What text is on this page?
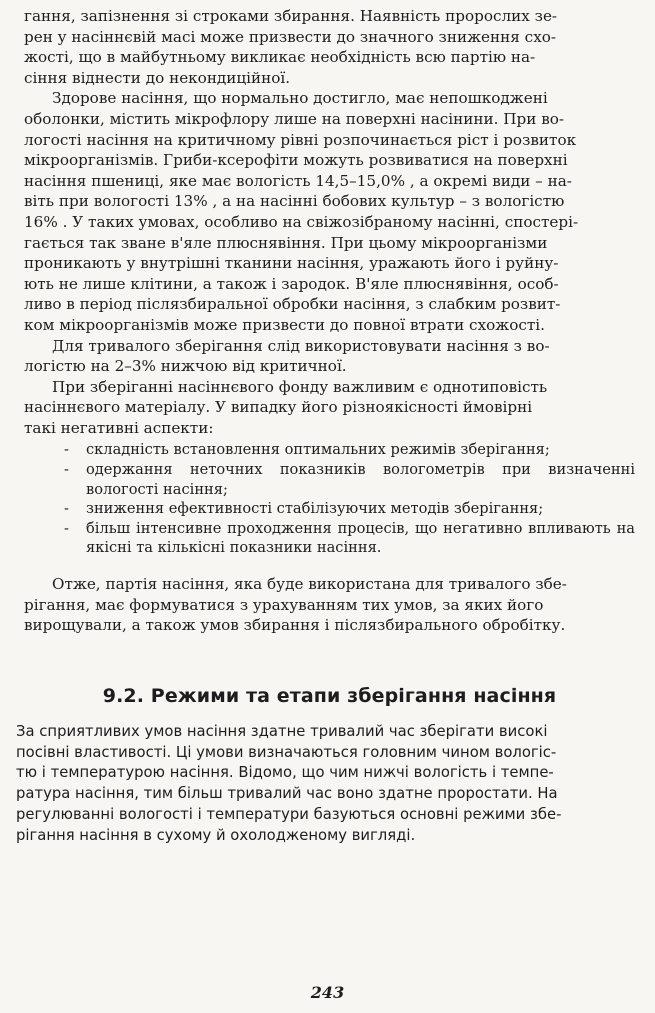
гання, запізнення зі строками збирання. Наявність проросли​х зе-
рен у насіннєвій масі може призвести до значного зниження схо-
жості, що в майбутньому викликає необхідність всю партію на-
сіння віднести до некондиційної.

Здорове насіння, що нормально достигло, має непошкоджені
оболонки, містить мікрофлору лише на поверхні насінини. При во-
логості насіння на критичному рівні розпочинається ріст і розвиток
мікроорганізмів. Гриби-ксерофіти можуть розвиватися на поверхні
насіння пшениці, яке має вологість 14,5–15,0% , а окремі види – на-
віть при вологості 13% , а на насінні бобових культур – з вологістю
16% . У таких умовах, особливо на свіжозібраному насінні, спостері-
гається так зване в'яле плюснявіння. При цьому мікроорганізми
проникають у внутрішні тканини насіння, уражають його і руйну-
ють не лише клітини, а також і зародок. В'яле плюснявіння, особ-
ливо в період післязбиральної обробки насіння, з слабким розвит-
ком мікроорганізмів може призвести до повної втрати схожості.

Для тривалого зберігання слід використовувати насіння з во-
логістю на 2–3% нижчою від критичної.

При зберіганні насіннєвого фонду важливим є однотиповість
насіннєвого матеріалу. У випадку його різноякісності ймовірні
такі негативні аспекти:

- складність встановлення оптимальних режимів зберігання;
- одержання неточних показників вологометрів при визначенні вологості насіння;
- зниження ефективності стабілізуючих методів зберігання;
- більш інтенсивне проходження процесів, що негативно впливають на якісні та кількісні показники насіння.

Отже, партія насіння, яка буде використана для тривалого збе-
рігання, має формуватися з урахуванням тих умов, за яких його
вирощували, а також умов збирання і післязбирального обробітку.

9.2. Режими та етапи зберігання насіння

За сприятливих умов насіння здатне тривалий час зберігати високі
посівні властивості. Ці умови визначаються головним чином вологіс-
тю і температурою насіння. Відомо, що чим нижчі вологість і темпе-
ратура насіння, тим більш тривалий час воно здатне проростати. На
регулюванні вологості і температури базуються основні режими збе-
рігання насіння в сухому й охолодженому вигляді.

243
